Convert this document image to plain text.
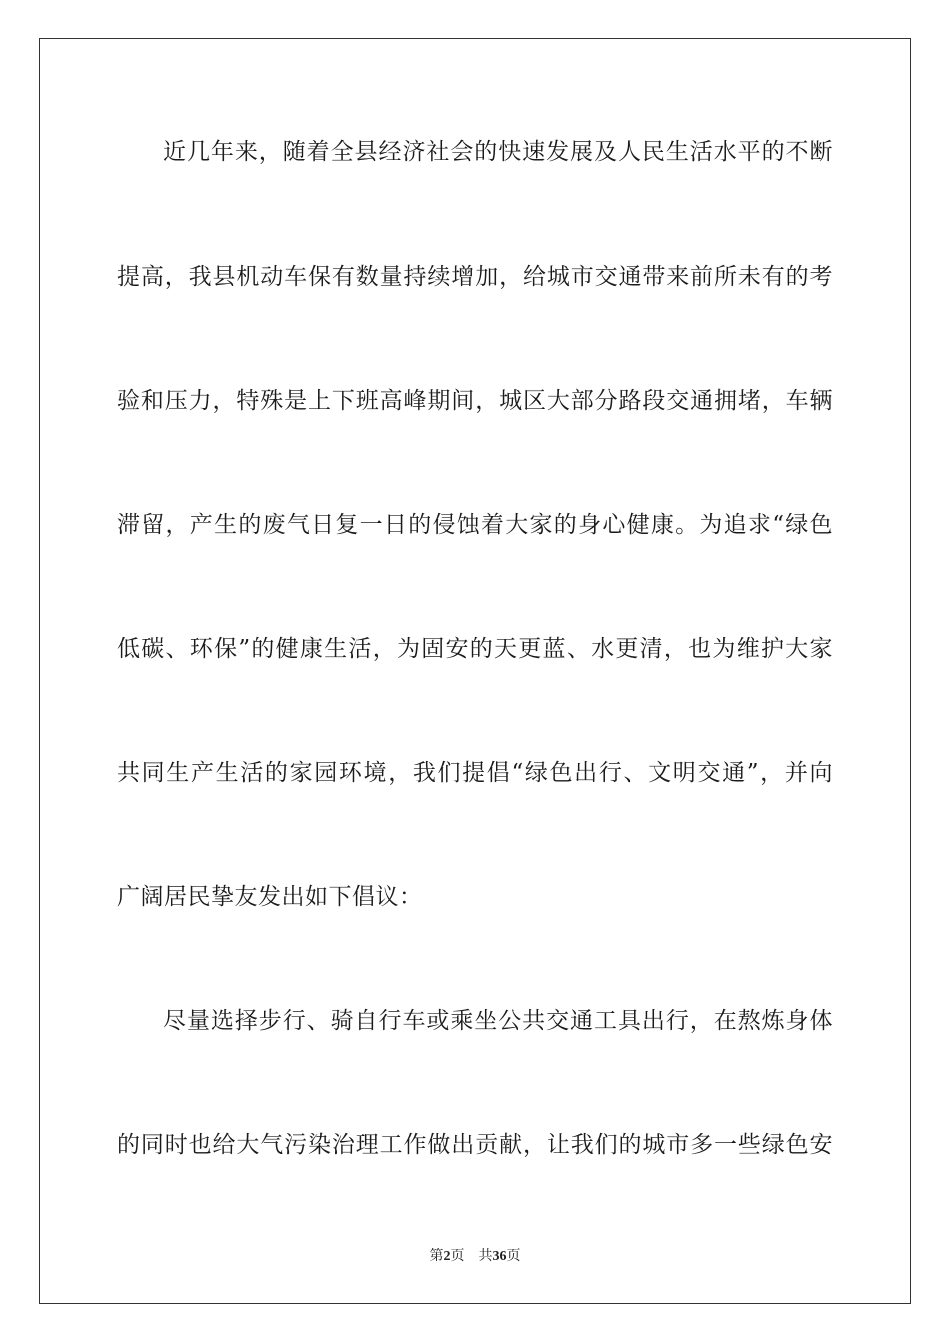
近几年来，随着全县经济社会的快速发展及人民生活水平的不断
提高，我县机动车保有数量持续增加，给城市交通带来前所未有的考
验和压力，特殊是上下班高峰期间，城区大部分路段交通拥堵，车辆
滞留，产生的废气日复一日的侵蚀着大家的身心健康。为追求“绿色
低碳、环保”的健康生活，为固安的天更蓝、水更清，也为维护大家
共同生产生活的家园环境，我们提倡“绿色出行、文明交通”，并向
广阔居民挚友发出如下倡议：
尽量选择步行、骑自行车或乘坐公共交通工具出行，在熬炼身体
的同时也给大气污染治理工作做出贡献，让我们的城市多一些绿色安
第2页 共36页
